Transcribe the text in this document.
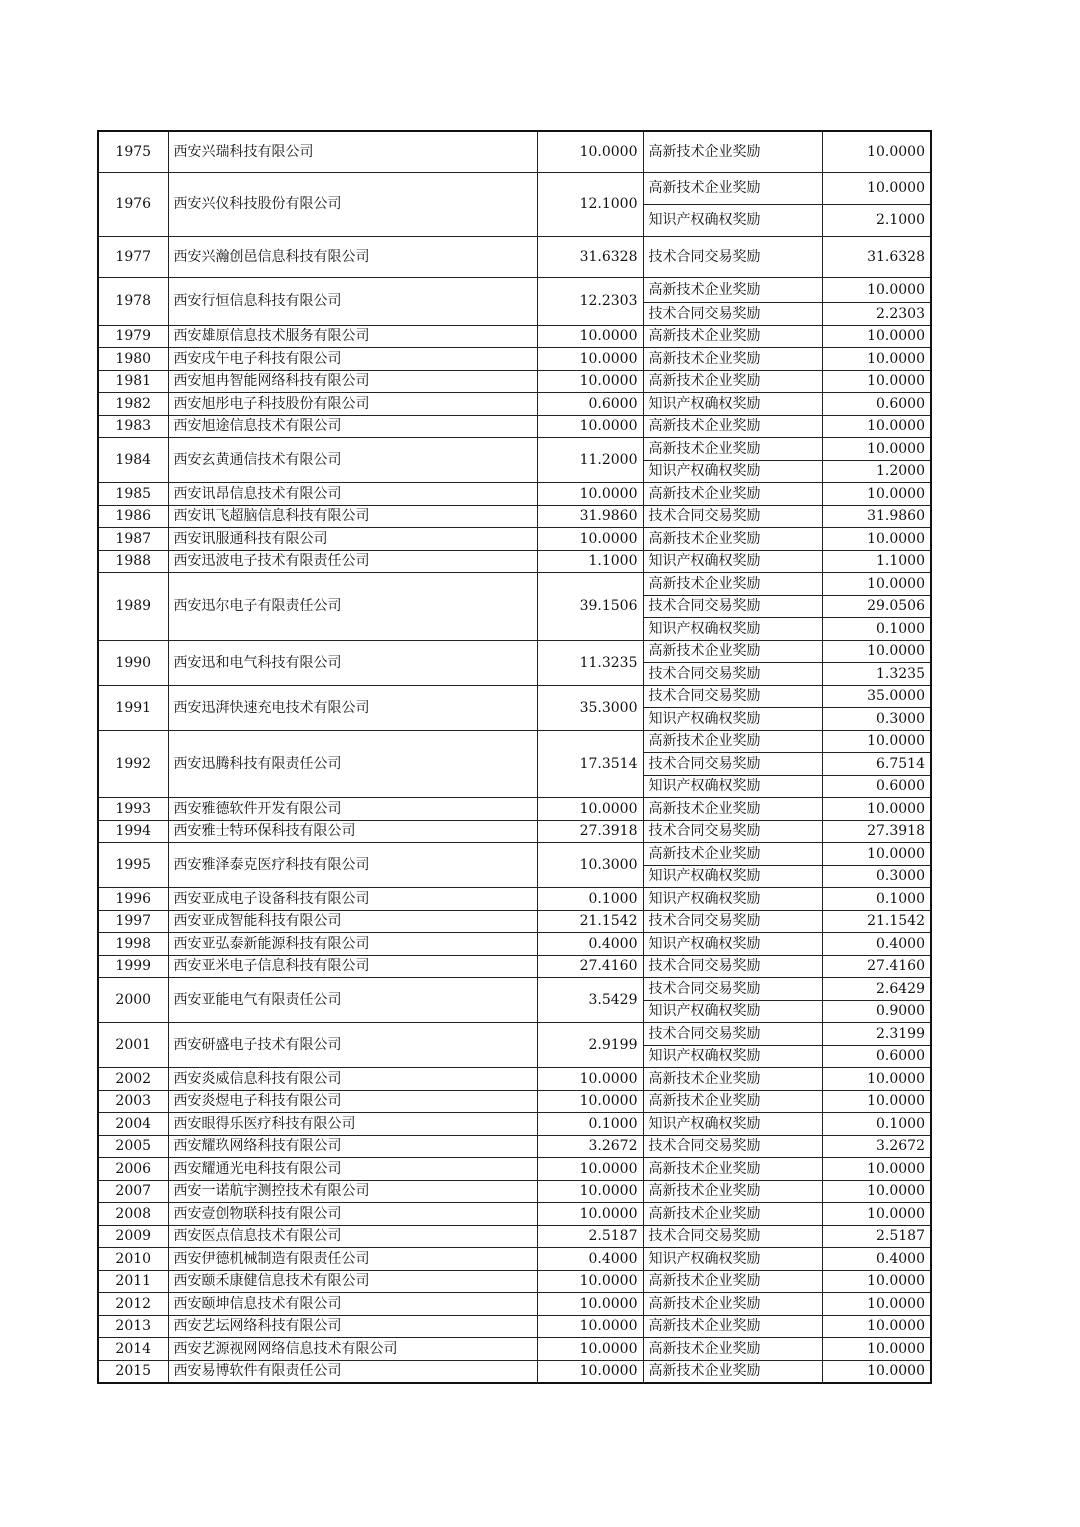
1975	西安兴瑞科技有限公司	10.0000	高新技术企业奖励	10.0000
1976	西安兴仪科技股份有限公司	12.1000	高新技术企业奖励	10.0000
			知识产权确权奖励	2.1000
1977	西安兴瀚创邑信息科技有限公司	31.6328	技术合同交易奖励	31.6328
1978	西安行恒信息科技有限公司	12.2303	高新技术企业奖励	10.0000
			技术合同交易奖励	2.2303
1979	西安雄原信息技术服务有限公司	10.0000	高新技术企业奖励	10.0000
1980	西安戌午电子科技有限公司	10.0000	高新技术企业奖励	10.0000
1981	西安旭冉智能网络科技有限公司	10.0000	高新技术企业奖励	10.0000
1982	西安旭彤电子科技股份有限公司	0.6000	知识产权确权奖励	0.6000
1983	西安旭途信息技术有限公司	10.0000	高新技术企业奖励	10.0000
1984	西安玄黄通信技术有限公司	11.2000	高新技术企业奖励	10.0000
			知识产权确权奖励	1.2000
1985	西安讯昂信息技术有限公司	10.0000	高新技术企业奖励	10.0000
1986	西安讯飞超脑信息科技有限公司	31.9860	技术合同交易奖励	31.9860
1987	西安讯服通科技有限公司	10.0000	高新技术企业奖励	10.0000
1988	西安迅波电子技术有限责任公司	1.1000	知识产权确权奖励	1.1000
1989	西安迅尔电子有限责任公司	39.1506	高新技术企业奖励	10.0000
			技术合同交易奖励	29.0506
			知识产权确权奖励	0.1000
1990	西安迅和电气科技有限公司	11.3235	高新技术企业奖励	10.0000
			技术合同交易奖励	1.3235
1991	西安迅湃快速充电技术有限公司	35.3000	技术合同交易奖励	35.0000
			知识产权确权奖励	0.3000
1992	西安迅腾科技有限责任公司	17.3514	高新技术企业奖励	10.0000
			技术合同交易奖励	6.7514
			知识产权确权奖励	0.6000
1993	西安雅德软件开发有限公司	10.0000	高新技术企业奖励	10.0000
1994	西安雅士特环保科技有限公司	27.3918	技术合同交易奖励	27.3918
1995	西安雅泽泰克医疗科技有限公司	10.3000	高新技术企业奖励	10.0000
			知识产权确权奖励	0.3000
1996	西安亚成电子设备科技有限公司	0.1000	知识产权确权奖励	0.1000
1997	西安亚成智能科技有限公司	21.1542	技术合同交易奖励	21.1542
1998	西安亚弘泰新能源科技有限公司	0.4000	知识产权确权奖励	0.4000
1999	西安亚米电子信息科技有限公司	27.4160	技术合同交易奖励	27.4160
2000	西安亚能电气有限责任公司	3.5429	技术合同交易奖励	2.6429
			知识产权确权奖励	0.9000
2001	西安研盛电子技术有限公司	2.9199	技术合同交易奖励	2.3199
			知识产权确权奖励	0.6000
2002	西安炎威信息科技有限公司	10.0000	高新技术企业奖励	10.0000
2003	西安炎煜电子科技有限公司	10.0000	高新技术企业奖励	10.0000
2004	西安眼得乐医疗科技有限公司	0.1000	知识产权确权奖励	0.1000
2005	西安耀玖网络科技有限公司	3.2672	技术合同交易奖励	3.2672
2006	西安耀通光电科技有限公司	10.0000	高新技术企业奖励	10.0000
2007	西安一诺航宇测控技术有限公司	10.0000	高新技术企业奖励	10.0000
2008	西安壹创物联科技有限公司	10.0000	高新技术企业奖励	10.0000
2009	西安医点信息技术有限公司	2.5187	技术合同交易奖励	2.5187
2010	西安伊德机械制造有限责任公司	0.4000	知识产权确权奖励	0.4000
2011	西安颐禾康健信息技术有限公司	10.0000	高新技术企业奖励	10.0000
2012	西安颐坤信息技术有限公司	10.0000	高新技术企业奖励	10.0000
2013	西安艺坛网络科技有限公司	10.0000	高新技术企业奖励	10.0000
2014	西安艺源视网网络信息技术有限公司	10.0000	高新技术企业奖励	10.0000
2015	西安易博软件有限责任公司	10.0000	高新技术企业奖励	10.0000
